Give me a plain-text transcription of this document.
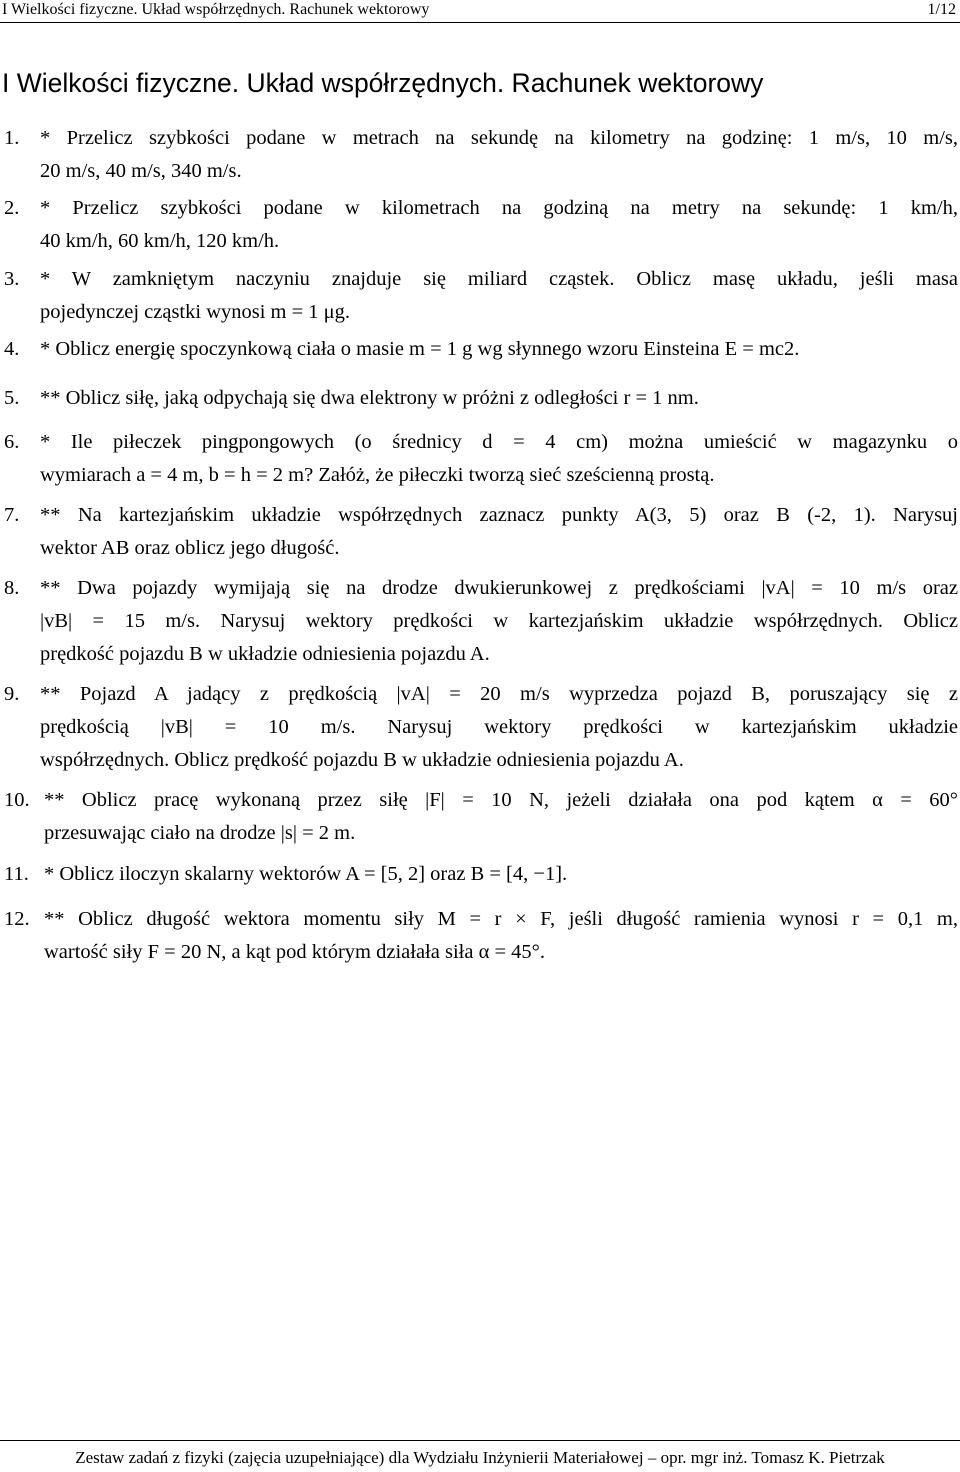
I Wielkości fizyczne. Układ współrzędnych. Rachunek wektorowy	1/12
I Wielkości fizyczne. Układ współrzędnych. Rachunek wektorowy
1. * Przelicz szybkości podane w metrach na sekundę na kilometry na godzinę: 1 m/s, 10 m/s,
20 m/s, 40 m/s, 340 m/s.
2. * Przelicz szybkości podane w kilometrach na godziną na metry na sekundę: 1 km/h,
40 km/h, 60 km/h, 120 km/h.
3. * W zamkniętym naczyniu znajduje się miliard cząstek. Oblicz masę układu, jeśli masa
pojedynczej cząstki wynosi m = 1 μg.
4. * Oblicz energię spoczynkową ciała o masie m = 1 g wg słynnego wzoru Einsteina E = mc2.
5. ** Oblicz siłę, jaką odpychają się dwa elektrony w próżni z odległości r = 1 nm.
6. * Ile piłeczek pingpongowych (o średnicy d = 4 cm) można umieścić w magazynku o
wymiarach a = 4 m, b = h = 2 m? Załóż, że piłeczki tworzą sieć sześcienną prostą.
7. ** Na kartezjańskim układzie współrzędnych zaznacz punkty A(3, 5) oraz B (-2, 1). Narysuj
wektor AB oraz oblicz jego długość.
8. ** Dwa pojazdy wymijają się na drodze dwukierunkowej z prędkościami |vA| = 10 m/s oraz
|vB| = 15 m/s. Narysuj wektory prędkości w kartezjańskim układzie współrzędnych. Oblicz
prędkość pojazdu B w układzie odniesienia pojazdu A.
9. ** Pojazd A jadący z prędkością |vA| = 20 m/s wyprzedza pojazd B, poruszający się z
prędkością |vB| = 10 m/s. Narysuj wektory prędkości w kartezjańskim układzie
współrzędnych. Oblicz prędkość pojazdu B w układzie odniesienia pojazdu A.
10. ** Oblicz pracę wykonaną przez siłę |F| = 10 N, jeżeli działała ona pod kątem α = 60°
przesuwając ciało na drodze |s| = 2 m.
11. * Oblicz iloczyn skalarny wektorów A = [5, 2] oraz B = [4, −1].
12. ** Oblicz długość wektora momentu siły M = r × F, jeśli długość ramienia wynosi r = 0,1 m,
wartość siły F = 20 N, a kąt pod którym działała siła α = 45°.
Zestaw zadań z fizyki (zajęcia uzupełniające) dla Wydziału Inżynierii Materiałowej – opr. mgr inż. Tomasz K. Pietrzak
